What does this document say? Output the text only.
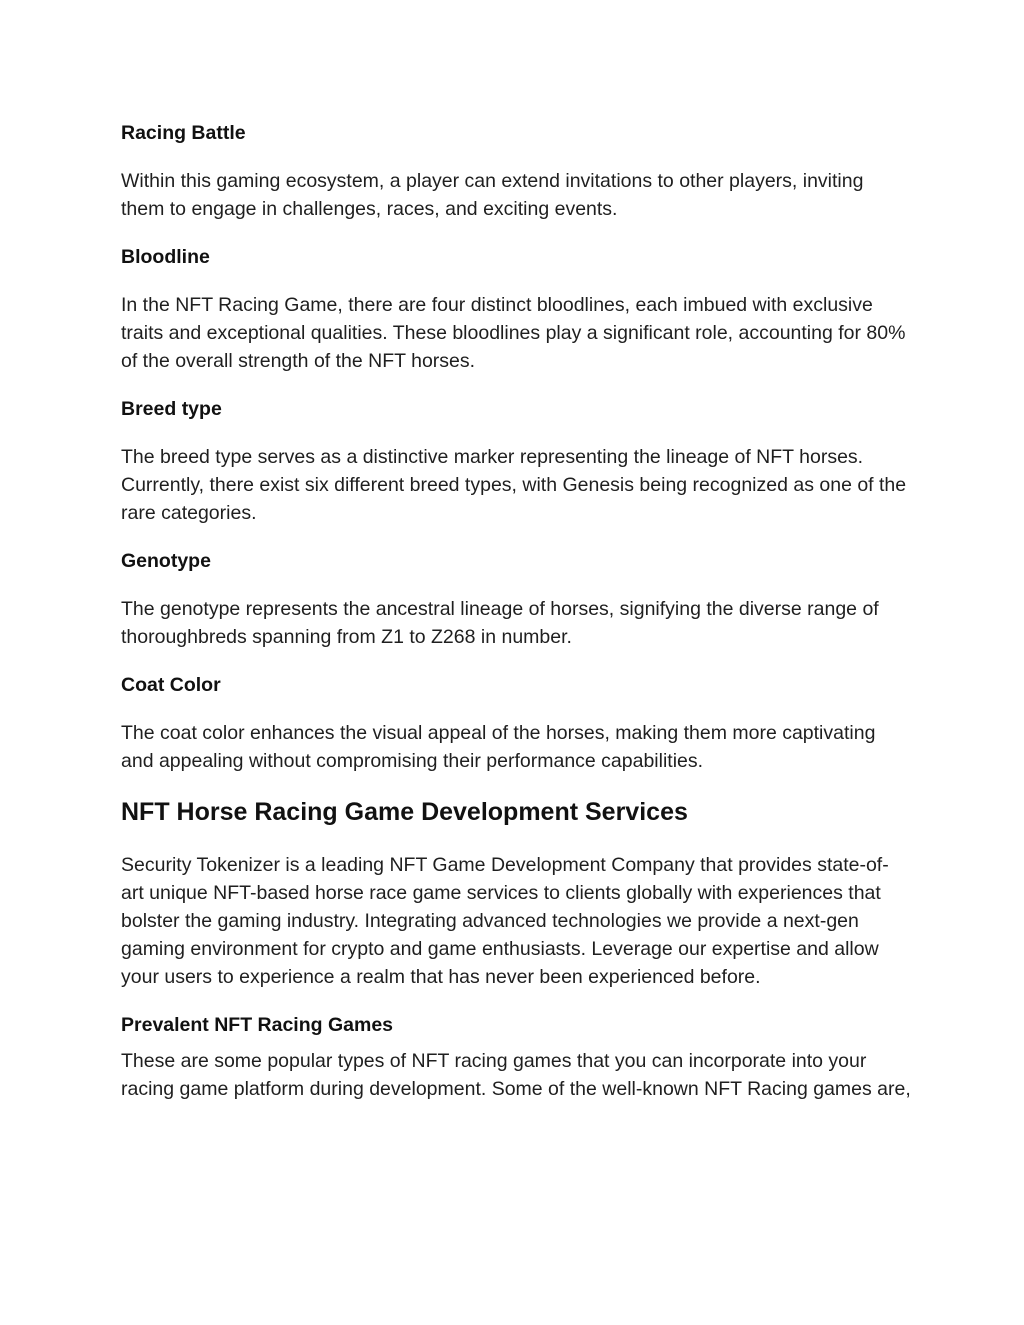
Racing Battle

Within this gaming ecosystem, a player can extend invitations to other players, inviting them to engage in challenges, races, and exciting events.

Bloodline

In the NFT Racing Game, there are four distinct bloodlines, each imbued with exclusive traits and exceptional qualities. These bloodlines play a significant role, accounting for 80% of the overall strength of the NFT horses.

Breed type

The breed type serves as a distinctive marker representing the lineage of NFT horses. Currently, there exist six different breed types, with Genesis being recognized as one of the rare categories.

Genotype

The genotype represents the ancestral lineage of horses, signifying the diverse range of thoroughbreds spanning from Z1 to Z268 in number.

Coat Color

The coat color enhances the visual appeal of the horses, making them more captivating and appealing without compromising their performance capabilities.

NFT Horse Racing Game Development Services

Security Tokenizer is a leading NFT Game Development Company that provides state-of-art unique NFT-based horse race game services to clients globally with experiences that bolster the gaming industry. Integrating advanced technologies we provide a next-gen gaming environment for crypto and game enthusiasts. Leverage our expertise and allow your users to experience a realm that has never been experienced before.

Prevalent NFT Racing Games

These are some popular types of NFT racing games that you can incorporate into your racing game platform during development. Some of the well-known NFT Racing games are,
